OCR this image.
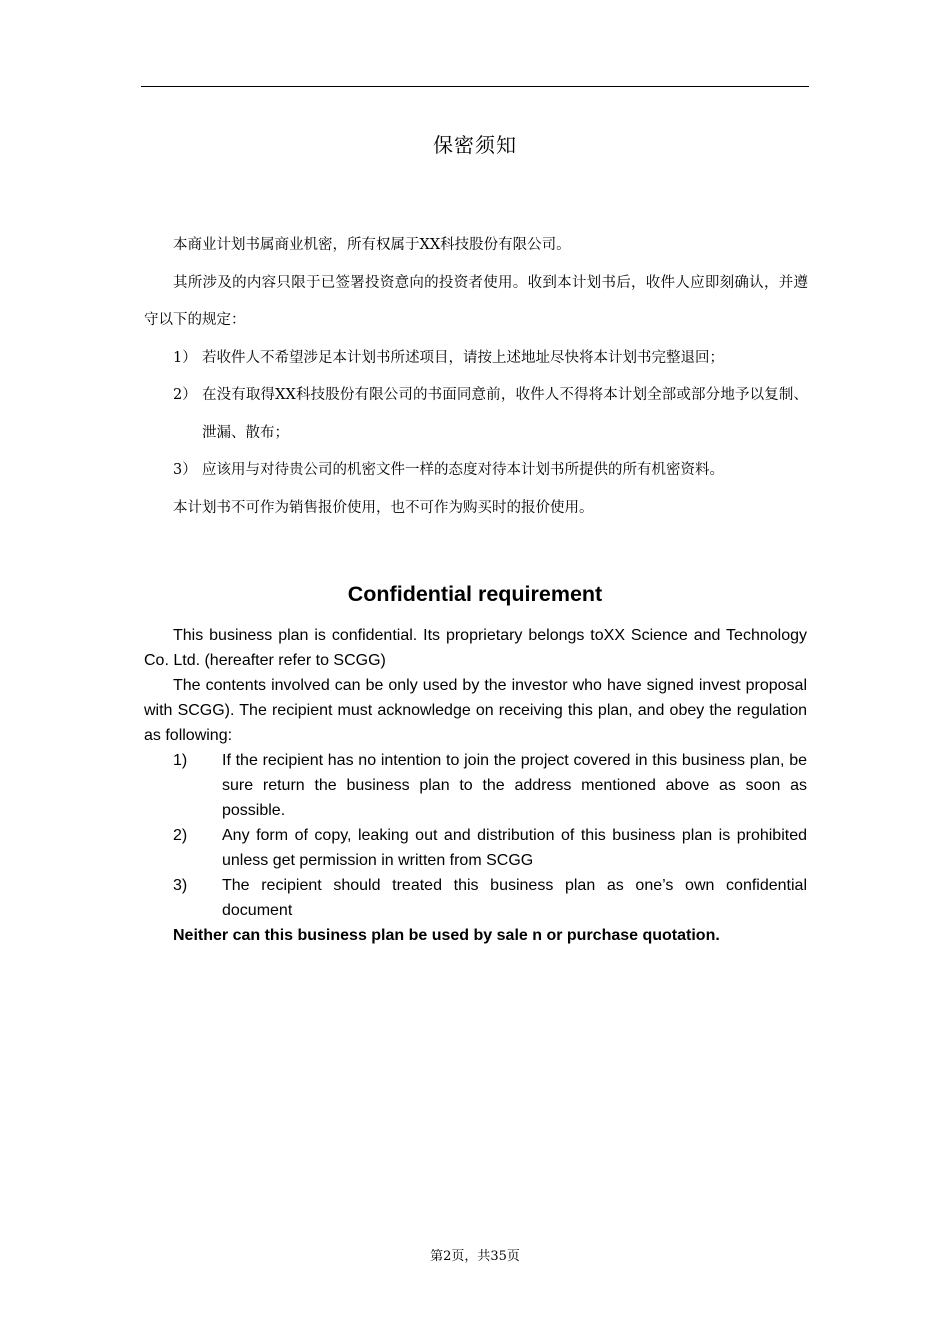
保密须知

本商业计划书属商业机密，所有权属于XX科技股份有限公司。

其所涉及的内容只限于已签署投资意向的投资者使用。收到本计划书后，收件人应即刻确认，并遵守以下的规定：

1） 若收件人不希望涉足本计划书所述项目，请按上述地址尽快将本计划书完整退回；
2） 在没有取得XX科技股份有限公司的书面同意前，收件人不得将本计划全部或部分地予以复制、泄漏、散布；
3） 应该用与对待贵公司的机密文件一样的态度对待本计划书所提供的所有机密资料。

本计划书不可作为销售报价使用，也不可作为购买时的报价使用。

Confidential requirement

This business plan is confidential. Its proprietary belongs toXX Science and Technology Co. Ltd. (hereafter refer to SCGG)

The contents involved can be only used by the investor who have signed invest proposal with SCGG). The recipient must acknowledge on receiving this plan, and obey the regulation as following:

1)	If the recipient has no intention to join the project covered in this business plan, be sure return the business plan to the address mentioned above as soon as possible.
2)	Any form of copy, leaking out and distribution of this business plan is prohibited unless get permission in written from SCGG
3)	The recipient should treated this business plan as one’s own confidential document

Neither can this business plan be used by sale n or purchase quotation.

第2页，共35页
